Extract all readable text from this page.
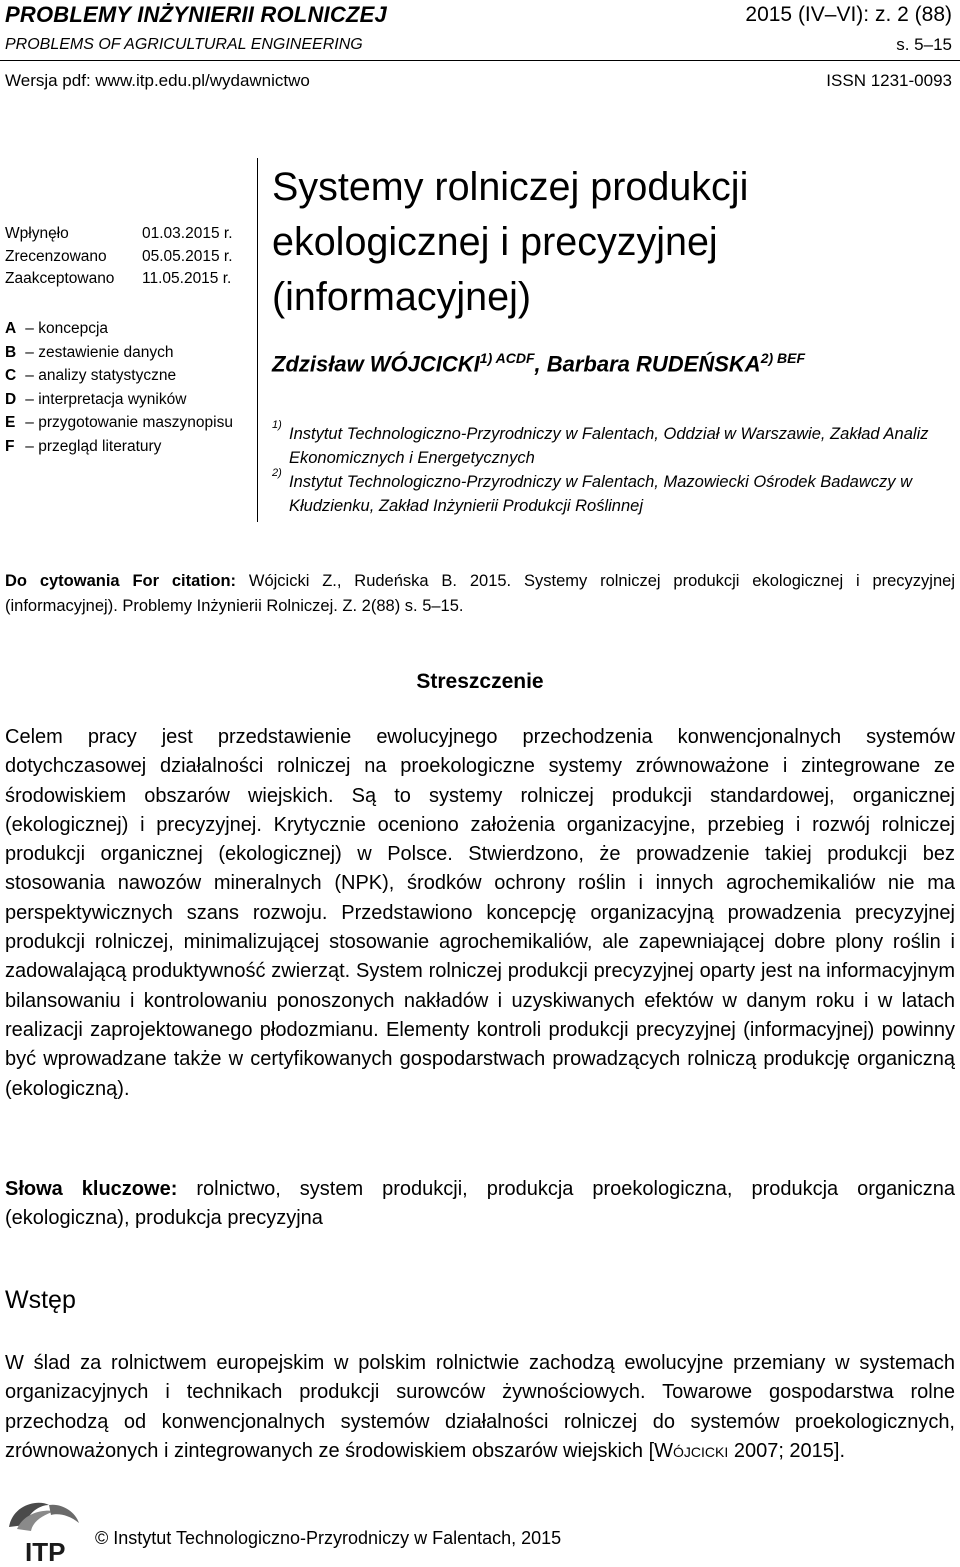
PROBLEMY INŻYNIERII ROLNICZEJ
PROBLEMS OF AGRICULTURAL ENGINEERING
2015 (IV–VI): z. 2 (88)
s. 5–15
Wersja pdf: www.itp.edu.pl/wydawnictwo	ISSN 1231-0093
Wpłynęło	01.03.2015 r.
Zrecenzowano	05.05.2015 r.
Zaakceptowano	11.05.2015 r.
A – koncepcja
B – zestawienie danych
C – analizy statystyczne
D – interpretacja wyników
E – przygotowanie maszynopisu
F – przegląd literatury
Systemy rolniczej produkcji
ekologicznej i precyzyjnej
(informacyjnej)
Zdzisław $WÓJCICKI^{1) ACDF}$, Barbara $RUDEŃSKA^{2) BEF}$
1) Instytut Technologiczno-Przyrodniczy w Falentach, Oddział w Warszawie, Zakład Analiz Ekonomicznych i Energetycznych
2) Instytut Technologiczno-Przyrodniczy w Falentach, Mazowiecki Ośrodek Badawczy w Kłudzienku, Zakład Inżynierii Produkcji Roślinnej
Do cytowania For citation: Wójcicki Z., Rudeńska B. 2015. Systemy rolniczej produkcji ekologicznej i precyzyjnej (informacyjnej). Problemy Inżynierii Rolniczej. Z. 2(88) s. 5–15.
Streszczenie
Celem pracy jest przedstawienie ewolucyjnego przechodzenia konwencjonalnych systemów dotychczasowej działalności rolniczej na proekologiczne systemy zrównoważone i zintegrowane ze środowiskiem obszarów wiejskich. Są to systemy rolniczej produkcji standardowej, organicznej (ekologicznej) i precyzyjnej. Krytycznie oceniono założenia organizacyjne, przebieg i rozwój rolniczej produkcji organicznej (ekologicznej) w Polsce. Stwierdzono, że prowadzenie takiej produkcji bez stosowania nawozów mineralnych (NPK), środków ochrony roślin i innych agrochemikaliów nie ma perspektywicznych szans rozwoju. Przedstawiono koncepcję organizacyjną prowadzenia precyzyjnej produkcji rolniczej, minimalizującej stosowanie agrochemikaliów, ale zapewniającej dobre plony roślin i zadowalającą produktywność zwierząt. System rolniczej produkcji precyzyjnej oparty jest na informacyjnym bilansowaniu i kontrolowaniu ponoszonych nakładów i uzyskiwanych efektów w danym roku i w latach realizacji zaprojektowanego płodozmianu. Elementy kontroli produkcji precyzyjnej (informacyjnej) powinny być wprowadzane także w certyfikowanych gospodarstwach prowadzących rolniczą produkcję organiczną (ekologiczną).
Słowa kluczowe: rolnictwo, system produkcji, produkcja proekologiczna, produkcja organiczna (ekologiczna), produkcja precyzyjna
Wstęp
W ślad za rolnictwem europejskim w polskim rolnictwie zachodzą ewolucyjne przemiany w systemach organizacyjnych i technikach produkcji surowców żywnościowych. Towarowe gospodarstwa rolne przechodzą od konwencjonalnych systemów działalności rolniczej do systemów proekologicznych, zrównoważonych i zintegrowanych ze środowiskiem obszarów wiejskich [Wójcicki 2007; 2015].
ITP © Instytut Technologiczno-Przyrodniczy w Falentach, 2015
